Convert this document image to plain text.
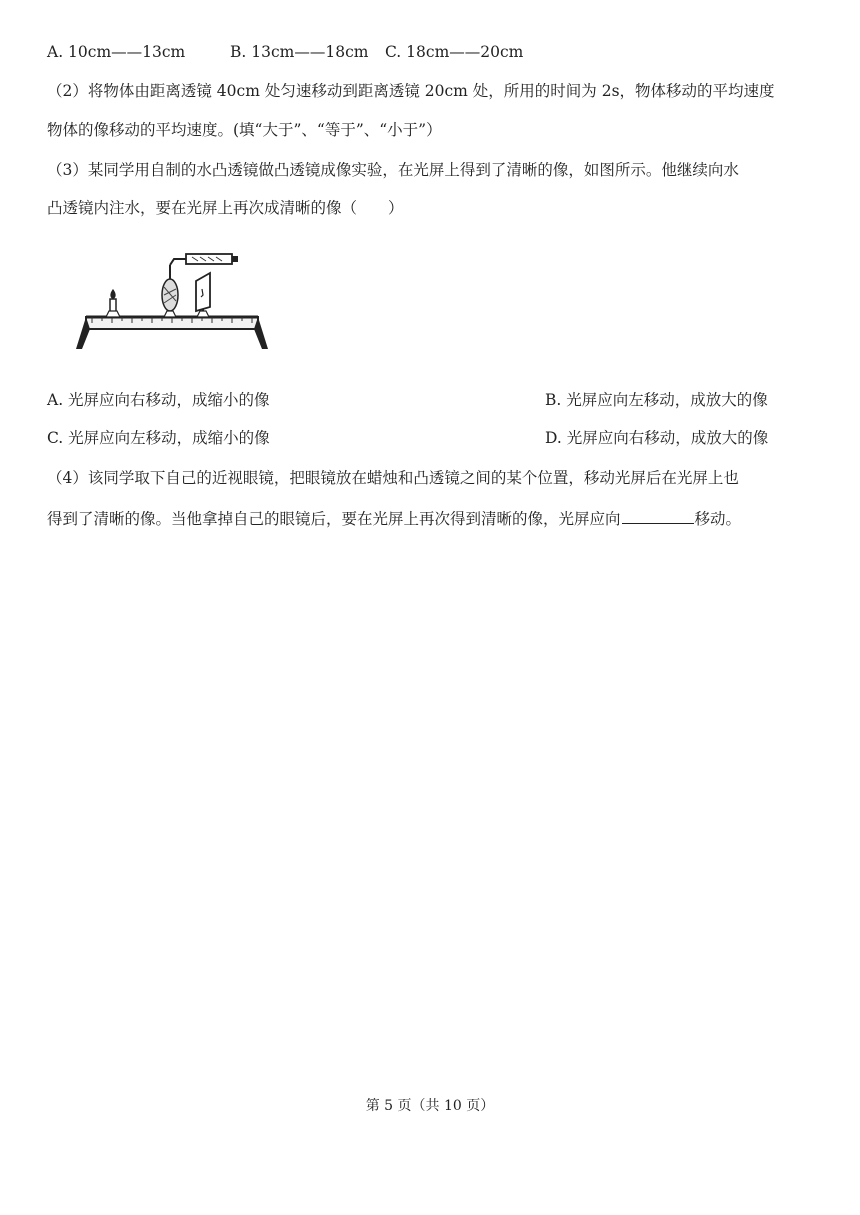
A. 10cm——13cm	B. 13cm——18cm C. 18cm——20cm
（2）将物体由距离透镜 40cm 处匀速移动到距离透镜 20cm 处，所用的时间为 2s，物体移动的平均速度
物体的像移动的平均速度。(填“大于”、“等于”、“小于”）
（3）某同学用自制的水凸透镜做凸透镜成像实验，在光屏上得到了清晰的像，如图所示。他继续向水
凸透镜内注水，要在光屏上再次成清晰的像（　　）
A. 光屏应向右移动，成缩小的像	B. 光屏应向左移动，成放大的像
C. 光屏应向左移动，成缩小的像	D. 光屏应向右移动，成放大的像
（4）该同学取下自己的近视眼镜，把眼镜放在蜡烛和凸透镜之间的某个位置，移动光屏后在光屏上也
得到了清晰的像。当他拿掉自己的眼镜后，要在光屏上再次得到清晰的像，光屏应向	移动。
第 5 页（共 10 页）
